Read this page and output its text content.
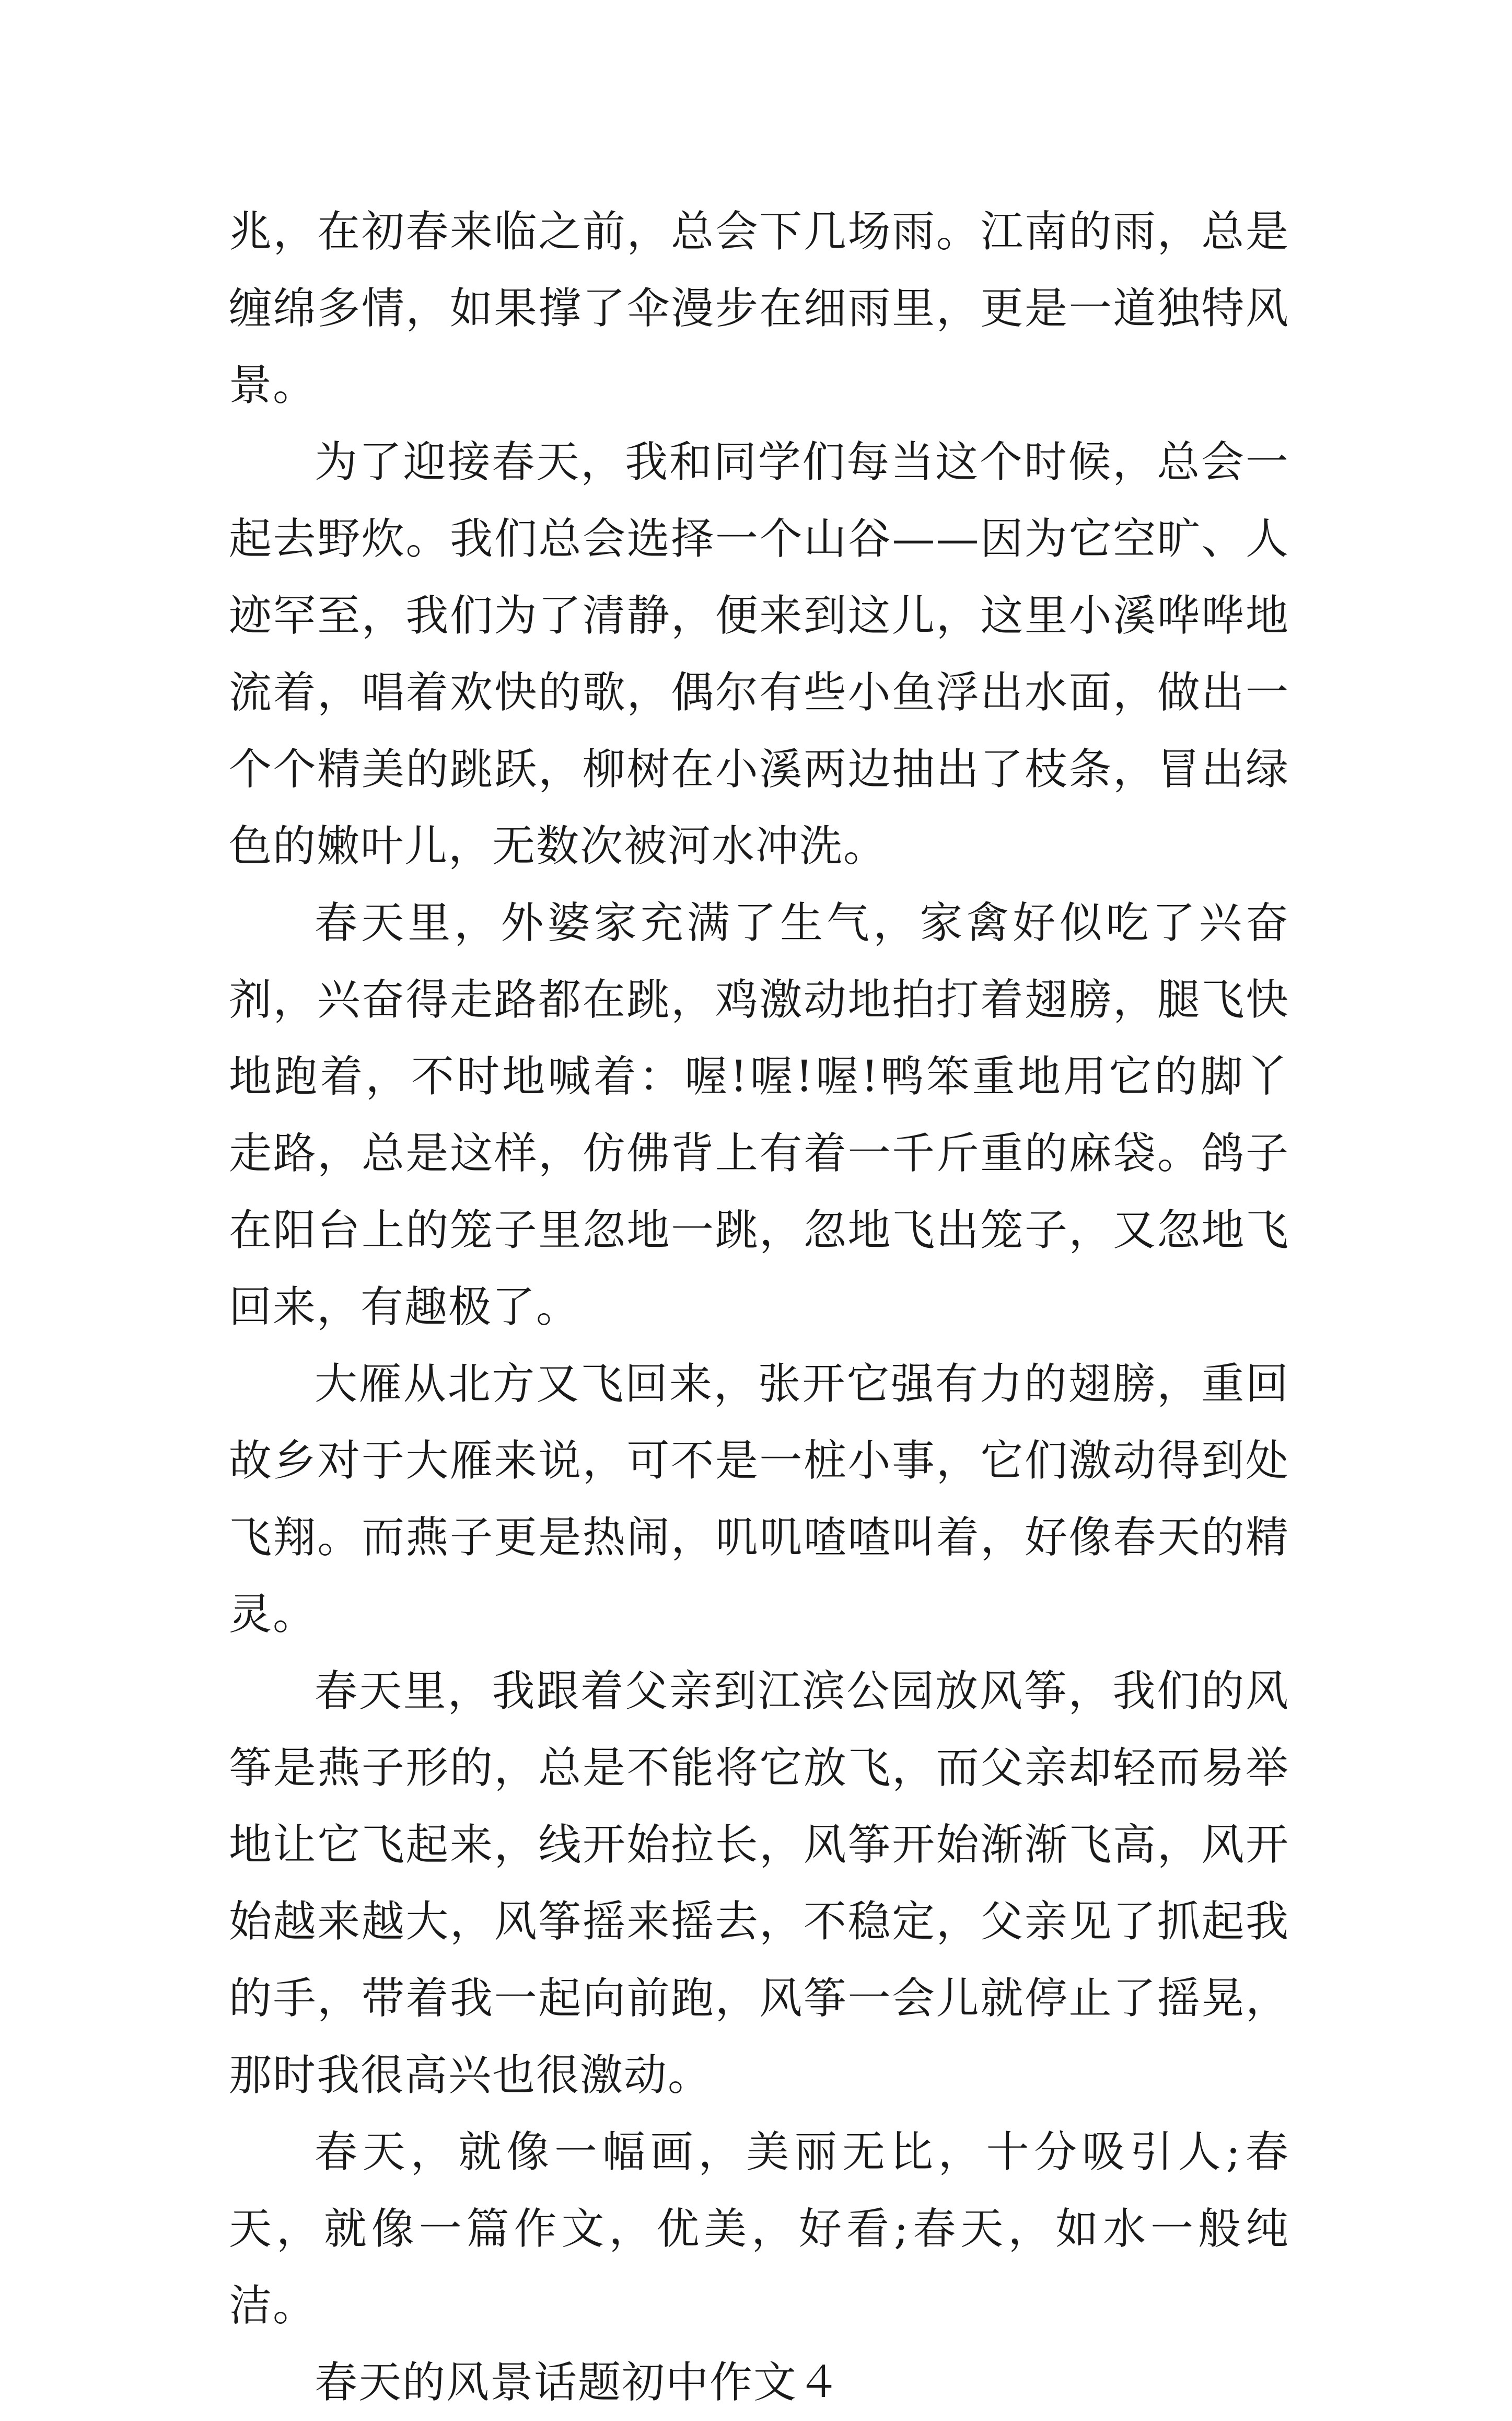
兆，在初春来临之前，总会下几场雨。江南的雨，总是缠绵多情，如果撑了伞漫步在细雨里，更是一道独特风景。

为了迎接春天，我和同学们每当这个时候，总会一起去野炊。我们总会选择一个山谷——因为它空旷、人迹罕至，我们为了清静，便来到这儿，这里小溪哗哗地流着，唱着欢快的歌，偶尔有些小鱼浮出水面，做出一个个精美的跳跃，柳树在小溪两边抽出了枝条，冒出绿色的嫩叶儿，无数次被河水冲洗。

春天里，外婆家充满了生气，家禽好似吃了兴奋剂，兴奋得走路都在跳，鸡激动地拍打着翅膀，腿飞快地跑着，不时地喊着：喔!喔!喔!鸭笨重地用它的脚丫走路，总是这样，仿佛背上有着一千斤重的麻袋。鸽子在阳台上的笼子里忽地一跳，忽地飞出笼子，又忽地飞回来，有趣极了。

大雁从北方又飞回来，张开它强有力的翅膀，重回故乡对于大雁来说，可不是一桩小事，它们激动得到处飞翔。而燕子更是热闹，叽叽喳喳叫着，好像春天的精灵。

春天里，我跟着父亲到江滨公园放风筝，我们的风筝是燕子形的，总是不能将它放飞，而父亲却轻而易举地让它飞起来，线开始拉长，风筝开始渐渐飞高，风开始越来越大，风筝摇来摇去，不稳定，父亲见了抓起我的手，带着我一起向前跑，风筝一会儿就停止了摇晃，那时我很高兴也很激动。

春天，就像一幅画，美丽无比，十分吸引人;春天，就像一篇作文，优美，好看;春天，如水一般纯洁。

春天的风景话题初中作文４
